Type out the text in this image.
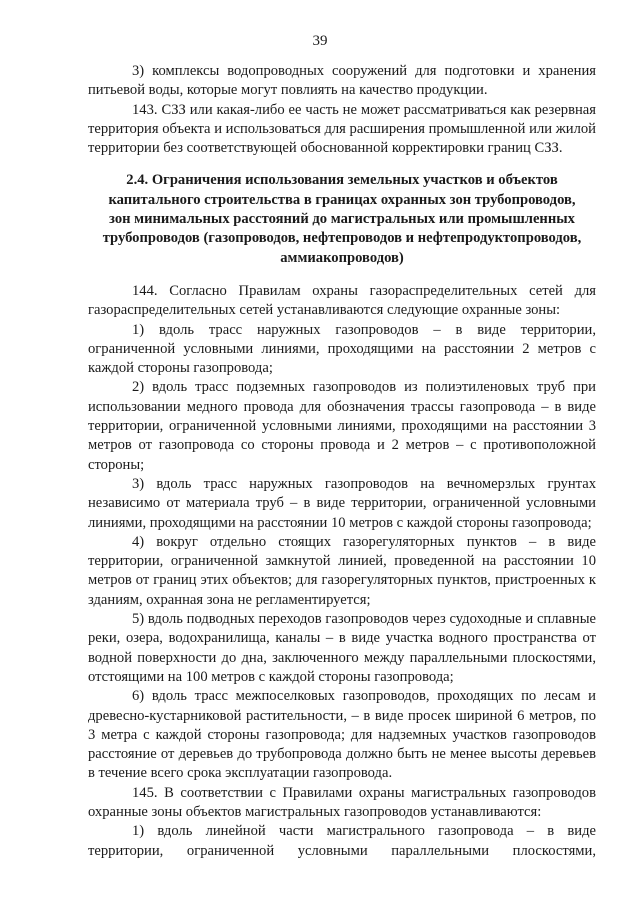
39

3) комплексы водопроводных сооружений для подготовки и хранения питьевой воды, которые могут повлиять на качество продукции.

143. СЗЗ или какая-либо ее часть не может рассматриваться как резервная территория объекта и использоваться для расширения промышленной или жилой территории без соответствующей обоснованной корректировки границ СЗЗ.

2.4. Ограничения использования земельных участков и объектов капитального строительства в границах охранных зон трубопроводов, зон минимальных расстояний до магистральных или промышленных трубопроводов (газопроводов, нефтепроводов и нефтепродуктопроводов, аммиакопроводов)

144. Согласно Правилам охраны газораспределительных сетей для газораспределительных сетей устанавливаются следующие охранные зоны:

1) вдоль трасс наружных газопроводов – в виде территории, ограниченной условными линиями, проходящими на расстоянии 2 метров с каждой стороны газопровода;

2) вдоль трасс подземных газопроводов из полиэтиленовых труб при использовании медного провода для обозначения трассы газопровода – в виде территории, ограниченной условными линиями, проходящими на расстоянии 3 метров от газопровода со стороны провода и 2 метров – с противоположной стороны;

3) вдоль трасс наружных газопроводов на вечномерзлых грунтах независимо от материала труб – в виде территории, ограниченной условными линиями, проходящими на расстоянии 10 метров с каждой стороны газопровода;

4) вокруг отдельно стоящих газорегуляторных пунктов – в виде территории, ограниченной замкнутой линией, проведенной на расстоянии 10 метров от границ этих объектов; для газорегуляторных пунктов, пристроенных к зданиям, охранная зона не регламентируется;

5) вдоль подводных переходов газопроводов через судоходные и сплавные реки, озера, водохранилища, каналы – в виде участка водного пространства от водной поверхности до дна, заключенного между параллельными плоскостями, отстоящими на 100 метров с каждой стороны газопровода;

6) вдоль трасс межпоселковых газопроводов, проходящих по лесам и древесно-кустарниковой растительности, – в виде просек шириной 6 метров, по 3 метра с каждой стороны газопровода; для надземных участков газопроводов расстояние от деревьев до трубопровода должно быть не менее высоты деревьев в течение всего срока эксплуатации газопровода.

145. В соответствии с Правилами охраны магистральных газопроводов охранные зоны объектов магистральных газопроводов устанавливаются:

1) вдоль линейной части магистрального газопровода – в виде территории, ограниченной условными параллельными плоскостями,
